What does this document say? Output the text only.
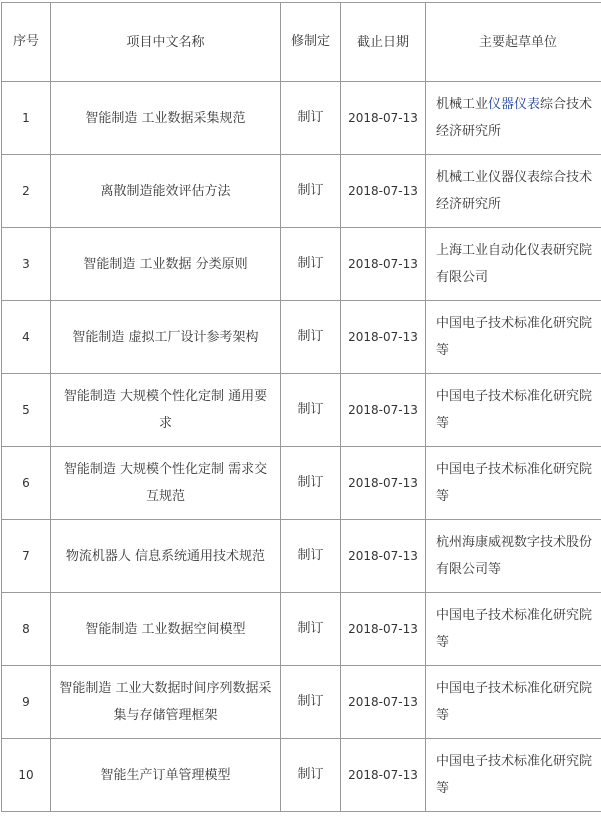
序号	项目中文名称	修制定	截止日期	主要起草单位
1	智能制造 工业数据采集规范	制订	2018-07-13	机械工业仪器仪表综合技术经济研究所
2	离散制造能效评估方法	制订	2018-07-13	机械工业仪器仪表综合技术经济研究所
3	智能制造 工业数据 分类原则	制订	2018-07-13	上海工业自动化仪表研究院有限公司
4	智能制造 虚拟工厂设计参考架构	制订	2018-07-13	中国电子技术标准化研究院 等
5	智能制造 大规模个性化定制 通用要求	制订	2018-07-13	中国电子技术标准化研究院等
6	智能制造 大规模个性化定制 需求交互规范	制订	2018-07-13	中国电子技术标准化研究院等
7	物流机器人 信息系统通用技术规范	制订	2018-07-13	杭州海康威视数字技术股份有限公司等
8	智能制造 工业数据空间模型	制订	2018-07-13	中国电子技术标准化研究院等
9	智能制造 工业大数据时间序列数据采集与存储管理框架	制订	2018-07-13	中国电子技术标准化研究院等
10	智能生产订单管理模型	制订	2018-07-13	中国电子技术标准化研究院等
